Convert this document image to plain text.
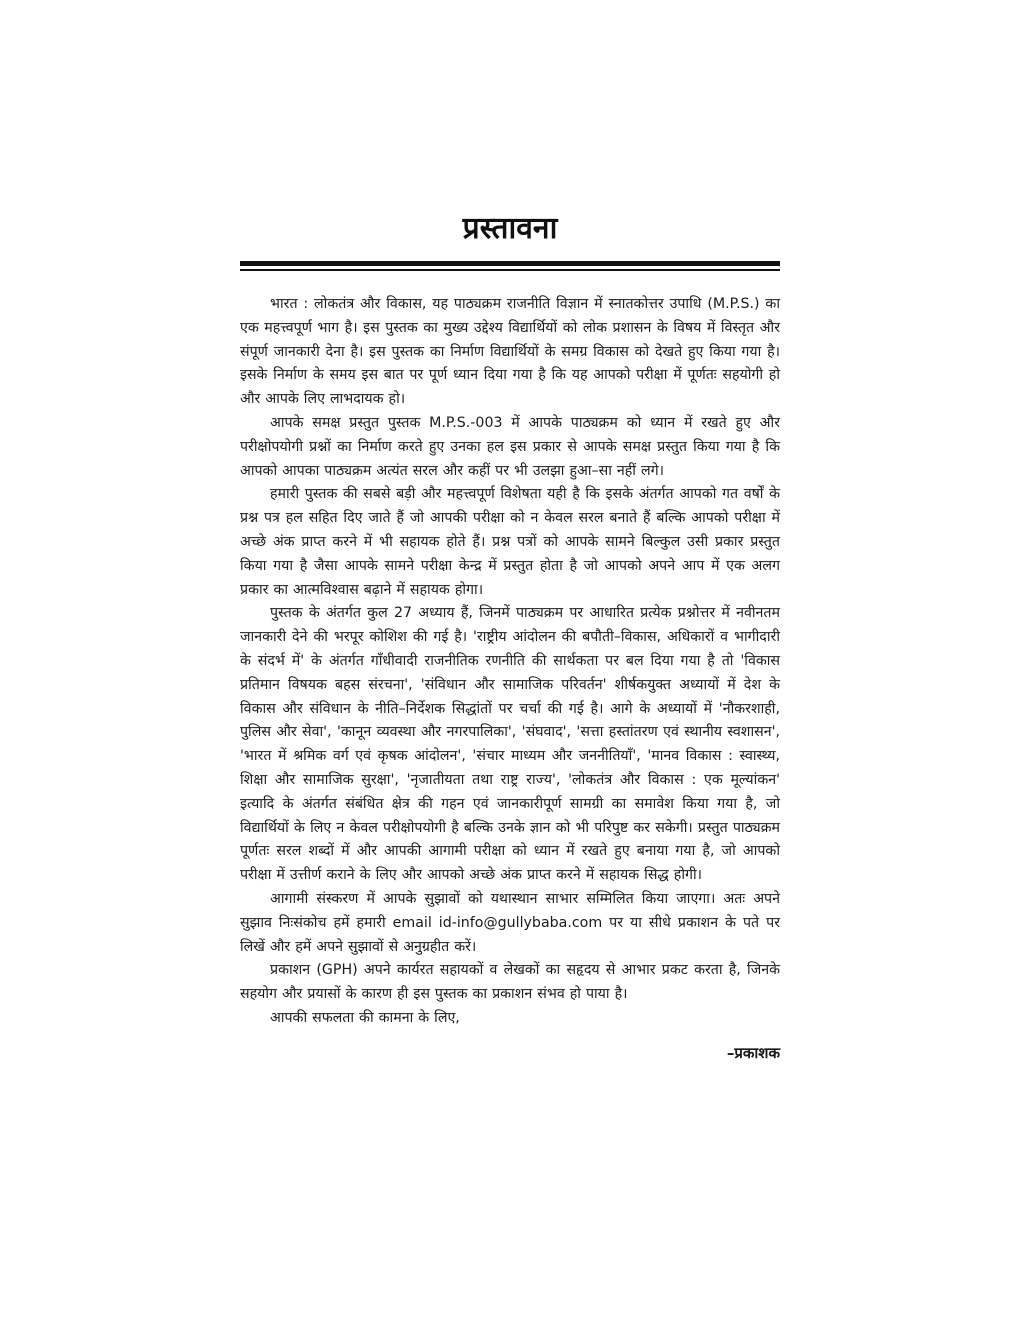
प्रस्तावना

भारत : लोकतंत्र और विकास, यह पाठ्यक्रम राजनीति विज्ञान में स्नातकोत्तर उपाधि (M.P.S.) का एक महत्त्वपूर्ण भाग है। इस पुस्तक का मुख्य उद्देश्य विद्यार्थियों को लोक प्रशासन के विषय में विस्तृत और संपूर्ण जानकारी देना है। इस पुस्तक का निर्माण विद्यार्थियों के समग्र विकास को देखते हुए किया गया है। इसके निर्माण के समय इस बात पर पूर्ण ध्यान दिया गया है कि यह आपको परीक्षा में पूर्णतः सहयोगी हो और आपके लिए लाभदायक हो।

आपके समक्ष प्रस्तुत पुस्तक M.P.S.-003 में आपके पाठ्यक्रम को ध्यान में रखते हुए और परीक्षोपयोगी प्रश्नों का निर्माण करते हुए उनका हल इस प्रकार से आपके समक्ष प्रस्तुत किया गया है कि आपको आपका पाठ्यक्रम अत्यंत सरल और कहीं पर भी उलझा हुआ–सा नहीं लगे।

हमारी पुस्तक की सबसे बड़ी और महत्त्वपूर्ण विशेषता यही है कि इसके अंतर्गत आपको गत वर्षों के प्रश्न पत्र हल सहित दिए जाते हैं जो आपकी परीक्षा को न केवल सरल बनाते हैं बल्कि आपको परीक्षा में अच्छे अंक प्राप्त करने में भी सहायक होते हैं। प्रश्न पत्रों को आपके सामने बिल्कुल उसी प्रकार प्रस्तुत किया गया है जैसा आपके सामने परीक्षा केन्द्र में प्रस्तुत होता है जो आपको अपने आप में एक अलग प्रकार का आत्मविश्वास बढ़ाने में सहायक होगा।

पुस्तक के अंतर्गत कुल 27 अध्याय हैं, जिनमें पाठ्यक्रम पर आधारित प्रत्येक प्रश्नोत्तर में नवीनतम जानकारी देने की भरपूर कोशिश की गई है। 'राष्ट्रीय आंदोलन की बपौती–विकास, अधिकारों व भागीदारी के संदर्भ में' के अंतर्गत गाँधीवादी राजनीतिक रणनीति की सार्थकता पर बल दिया गया है तो 'विकास प्रतिमान विषयक बहस संरचना', 'संविधान और सामाजिक परिवर्तन' शीर्षकयुक्त अध्यायों में देश के विकास और संविधान के नीति–निर्देशक सिद्धांतों पर चर्चा की गई है। आगे के अध्यायों में 'नौकरशाही, पुलिस और सेवा', 'कानून व्यवस्था और नगरपालिका', 'संघवाद', 'सत्ता हस्तांतरण एवं स्थानीय स्वशासन', 'भारत में श्रमिक वर्ग एवं कृषक आंदोलन', 'संचार माध्यम और जननीतियाँ', 'मानव विकास : स्वास्थ्य, शिक्षा और सामाजिक सुरक्षा', 'नृजातीयता तथा राष्ट्र राज्य', 'लोकतंत्र और विकास : एक मूल्यांकन' इत्यादि के अंतर्गत संबंधित क्षेत्र की गहन एवं जानकारीपूर्ण सामग्री का समावेश किया गया है, जो विद्यार्थियों के लिए न केवल परीक्षोपयोगी है बल्कि उनके ज्ञान को भी परिपुष्ट कर सकेगी। प्रस्तुत पाठ्यक्रम पूर्णतः सरल शब्दों में और आपकी आगामी परीक्षा को ध्यान में रखते हुए बनाया गया है, जो आपको परीक्षा में उत्तीर्ण कराने के लिए और आपको अच्छे अंक प्राप्त करने में सहायक सिद्ध होगी।

आगामी संस्करण में आपके सुझावों को यथास्थान साभार सम्मिलित किया जाएगा। अतः अपने सुझाव निःसंकोच हमें हमारी email id-info@gullybaba.com पर या सीधे प्रकाशन के पते पर लिखें और हमें अपने सुझावों से अनुग्रहीत करें।

प्रकाशन (GPH) अपने कार्यरत सहायकों व लेखकों का सहृदय से आभार प्रकट करता है, जिनके सहयोग और प्रयासों के कारण ही इस पुस्तक का प्रकाशन संभव हो पाया है।

आपकी सफलता की कामना के लिए,

–प्रकाशक
